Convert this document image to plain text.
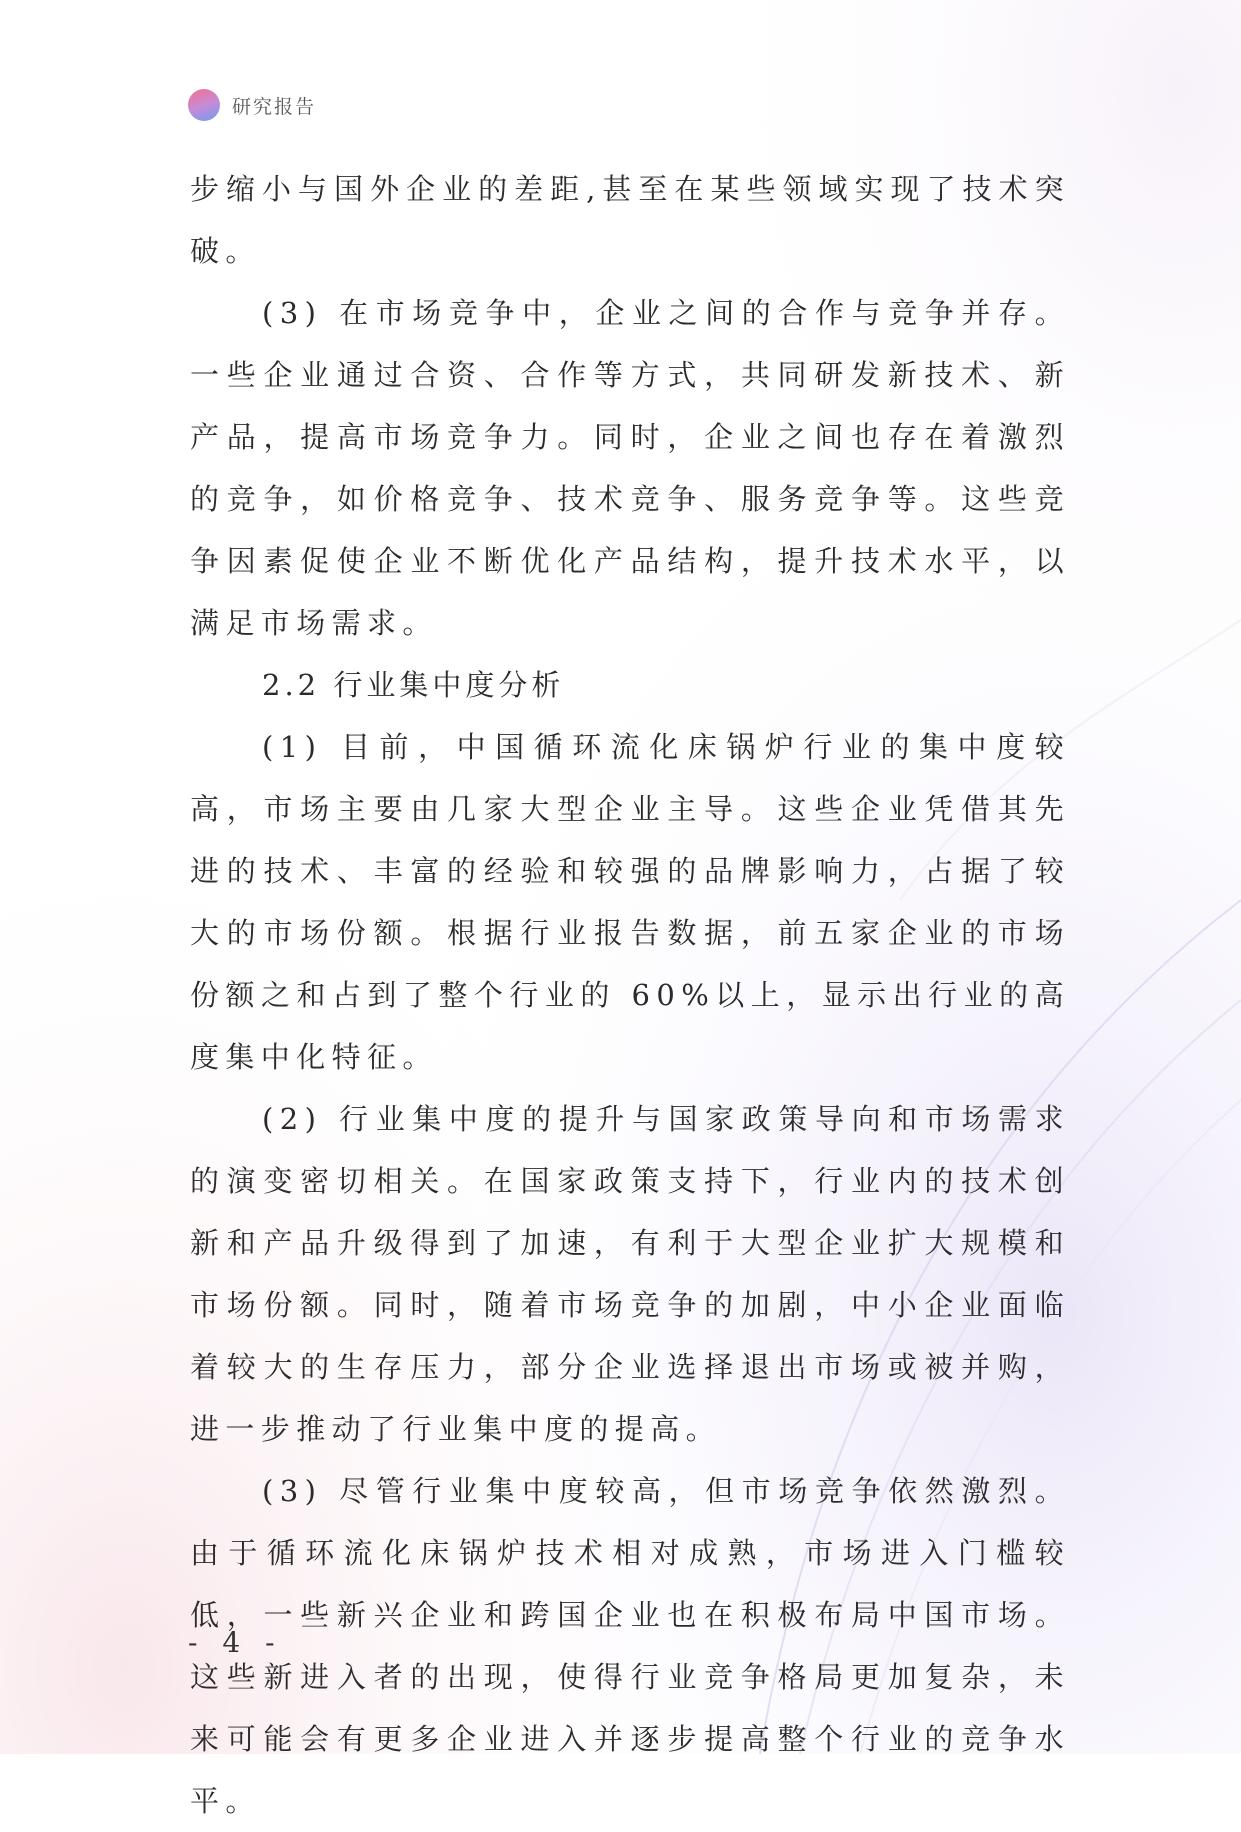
研究报告

步缩小与国外企业的差距,甚至在某些领域实现了技术突破。

(3) 在市场竞争中，企业之间的合作与竞争并存。一些企业通过合资、合作等方式，共同研发新技术、新产品，提高市场竞争力。同时，企业之间也存在着激烈的竞争，如价格竞争、技术竞争、服务竞争等。这些竞争因素促使企业不断优化产品结构，提升技术水平，以满足市场需求。

2.2 行业集中度分析

(1) 目前，中国循环流化床锅炉行业的集中度较高，市场主要由几家大型企业主导。这些企业凭借其先进的技术、丰富的经验和较强的品牌影响力，占据了较大的市场份额。根据行业报告数据，前五家企业的市场份额之和占到了整个行业的 60%以上，显示出行业的高度集中化特征。

(2) 行业集中度的提升与国家政策导向和市场需求的演变密切相关。在国家政策支持下，行业内的技术创新和产品升级得到了加速，有利于大型企业扩大规模和市场份额。同时，随着市场竞争的加剧，中小企业面临着较大的生存压力，部分企业选择退出市场或被并购，进一步推动了行业集中度的提高。

(3) 尽管行业集中度较高，但市场竞争依然激烈。由于循环流化床锅炉技术相对成熟，市场进入门槛较低，一些新兴企业和跨国企业也在积极布局中国市场。这些新进入者的出现，使得行业竞争格局更加复杂，未来可能会有更多企业进入并逐步提高整个行业的竞争水平。

- 4 -
